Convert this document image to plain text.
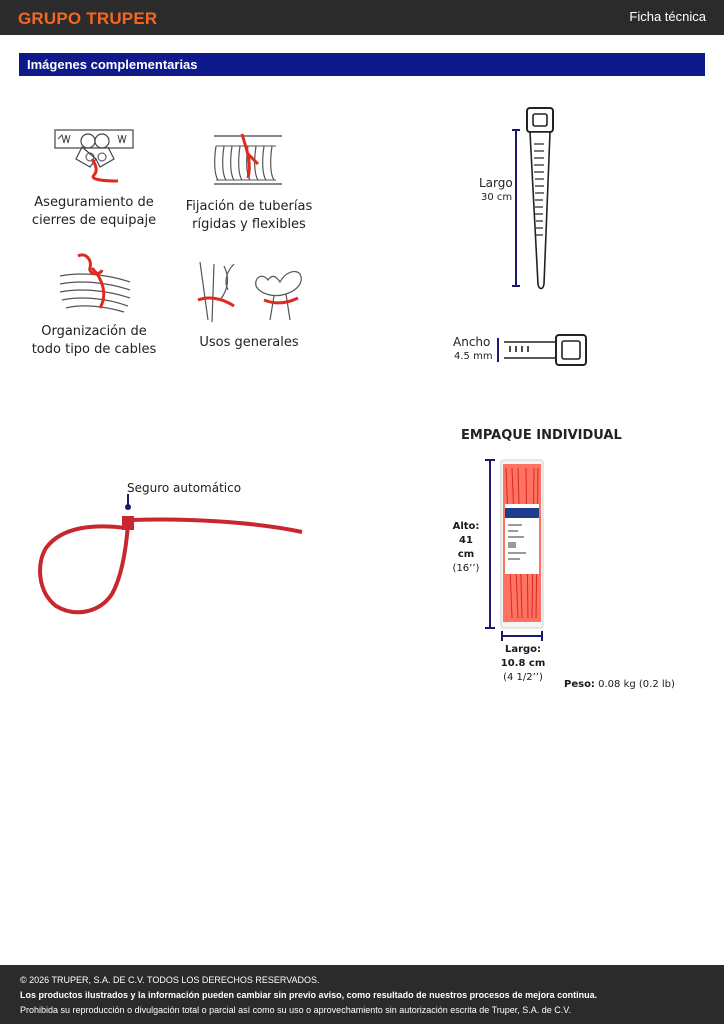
GRUPO TRUPER	Ficha técnica
Imágenes complementarias
Aseguramiento de
cierres de equipaje
Fijación de tuberías
rígidas y flexibles
Organización de
todo tipo de cables	Usos generales
Largo
30 cm
Ancho
4.5 mm
Seguro automático
EMPAQUE INDIVIDUAL
Alto:
41 cm
(16’’)
Largo:
10.8 cm
(4 1/2’’)
Peso: 0.08 kg (0.2 lb)
© 2026 TRUPER, S.A. DE C.V. TODOS LOS DERECHOS RESERVADOS.
Los productos ilustrados y la información pueden cambiar sin previo aviso, como resultado de nuestros procesos de mejora continua.
Prohibida su reproducción o divulgación total o parcial así como su uso o aprovechamiento sin autorización escrita de Truper, S.A. de C.V.
